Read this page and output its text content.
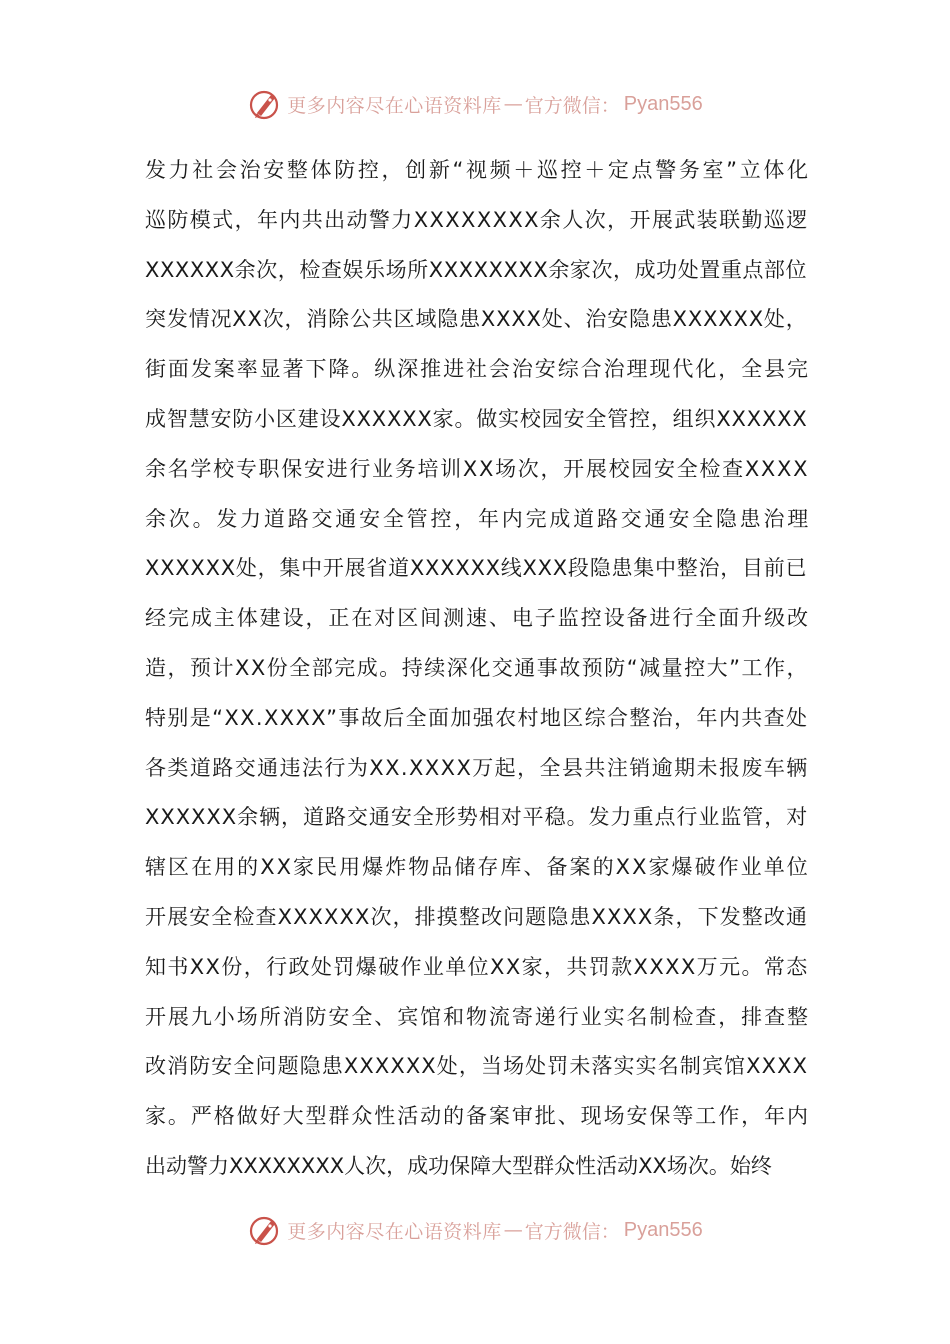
更多内容尽在心语资料库 — 官方微信： Pyan556
发力社会治安整体防控，创新“视频＋巡控＋定点警务室”立体化
巡防模式，年内共出动警力XXXXXXXX余人次，开展武装联勤巡逻
XXXXXX余次，检查娱乐场所XXXXXXXX余家次，成功处置重点部位
突发情况XX次，消除公共区域隐患XXXX处、治安隐患XXXXXX处，
街面发案率显著下降。纵深推进社会治安综合治理现代化，全县完
成智慧安防小区建设XXXXXX家。做实校园安全管控，组织XXXXXX
余名学校专职保安进行业务培训XX场次，开展校园安全检查XXXX
余次。发力道路交通安全管控，年内完成道路交通安全隐患治理
XXXXXX处，集中开展省道XXXXXX线XXX段隐患集中整治，目前已
经完成主体建设，正在对区间测速、电子监控设备进行全面升级改
造，预计XX份全部完成。持续深化交通事故预防“减量控大”工作，
特别是“XX.XXXX”事故后全面加强农村地区综合整治，年内共查处
各类道路交通违法行为XX.XXXX万起，全县共注销逾期未报废车辆
XXXXXX余辆，道路交通安全形势相对平稳。发力重点行业监管，对
辖区在用的XX家民用爆炸物品储存库、备案的XX家爆破作业单位
开展安全检查XXXXXX次，排摸整改问题隐患XXXX条，下发整改通
知书XX份，行政处罚爆破作业单位XX家，共罚款XXXX万元。常态
开展九小场所消防安全、宾馆和物流寄递行业实名制检查，排查整
改消防安全问题隐患XXXXXX处，当场处罚未落实实名制宾馆XXXX
家。严格做好大型群众性活动的备案审批、现场安保等工作，年内
出动警力XXXXXXXX人次，成功保障大型群众性活动XX场次。始终
更多内容尽在心语资料库 — 官方微信： Pyan556
